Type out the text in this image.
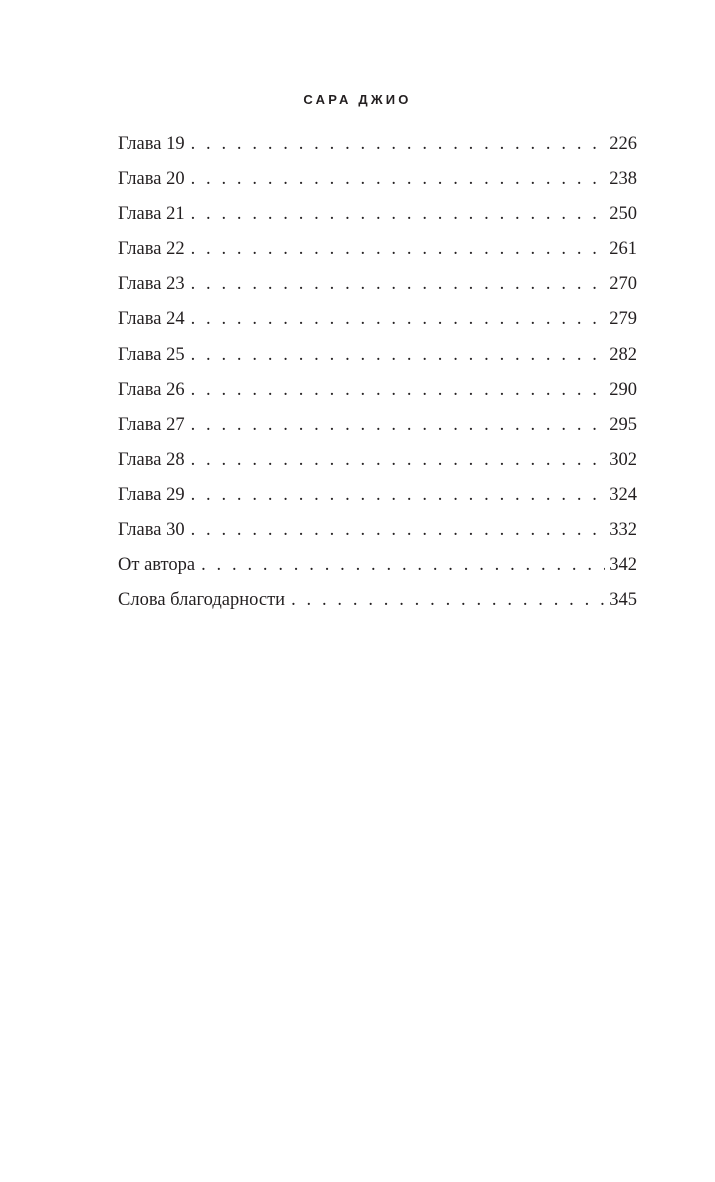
САРА ДЖИО
Глава 19 . . .	226
Глава 20 . . .	238
Глава 21 . . .	250
Глава 22 . . .	261
Глава 23 . . .	270
Глава 24 . . .	279
Глава 25 . . .	282
Глава 26 . . .	290
Глава 27 . . .	295
Глава 28 . . .	302
Глава 29 . . .	324
Глава 30 . . .	332
От автора . . .	342
Слова благодарности . . .	345
